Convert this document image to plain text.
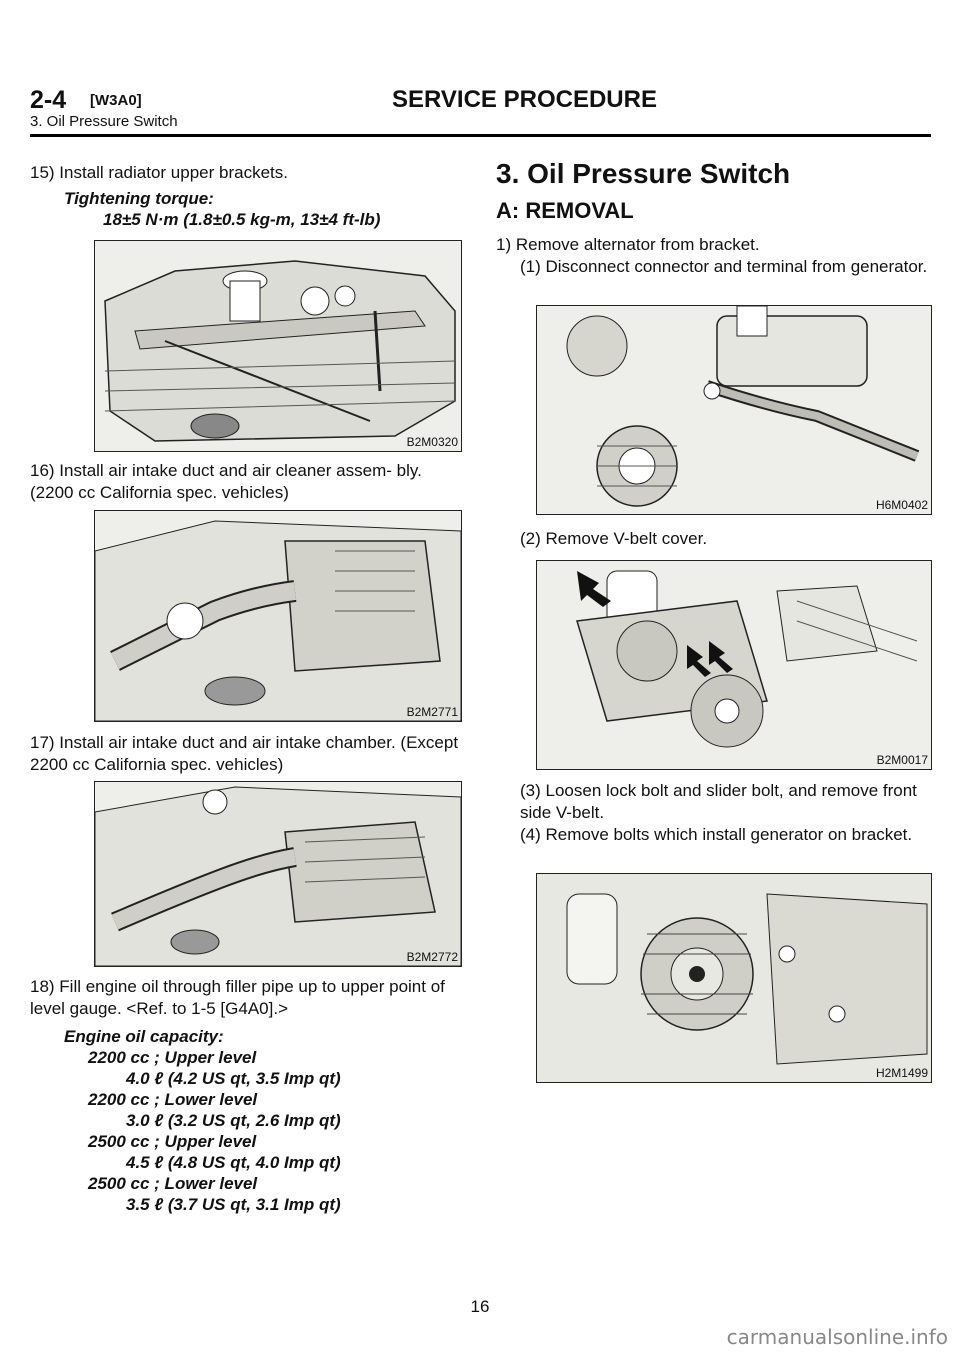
2-4 [W3A0]	SERVICE PROCEDURE
3. Oil Pressure Switch

15) Install radiator upper brackets.

Tightening torque:
18±5 N·m (1.8±0.5 kg-m, 13±4 ft-lb)
B2M0320

16) Install air intake duct and air cleaner assem- bly. (2200 cc California spec. vehicles)

B2M2771

17) Install air intake duct and air intake chamber. (Except 2200 cc California spec. vehicles)

B2M2772

18) Fill engine oil through filler pipe up to upper point of level gauge. <Ref. to 1-5 [G4A0].>

Engine oil capacity:
2200 cc ; Upper level
4.0 ℓ (4.2 US qt, 3.5 Imp qt)
2200 cc ; Lower level
3.0 ℓ (3.2 US qt, 2.6 Imp qt)
2500 cc ; Upper level
4.5 ℓ (4.8 US qt, 4.0 Imp qt)
2500 cc ; Lower level
3.5 ℓ (3.7 US qt, 3.1 Imp qt)
3. Oil Pressure Switch
A: REMOVAL

1) Remove alternator from bracket.

(1) Disconnect connector and terminal from generator.

H6M0402

(2) Remove V-belt cover.

B2M0017

(3) Loosen lock bolt and slider bolt, and remove front side V-belt.

(4) Remove bolts which install generator on bracket.

H2M1499
16
carmanualsonline.info
